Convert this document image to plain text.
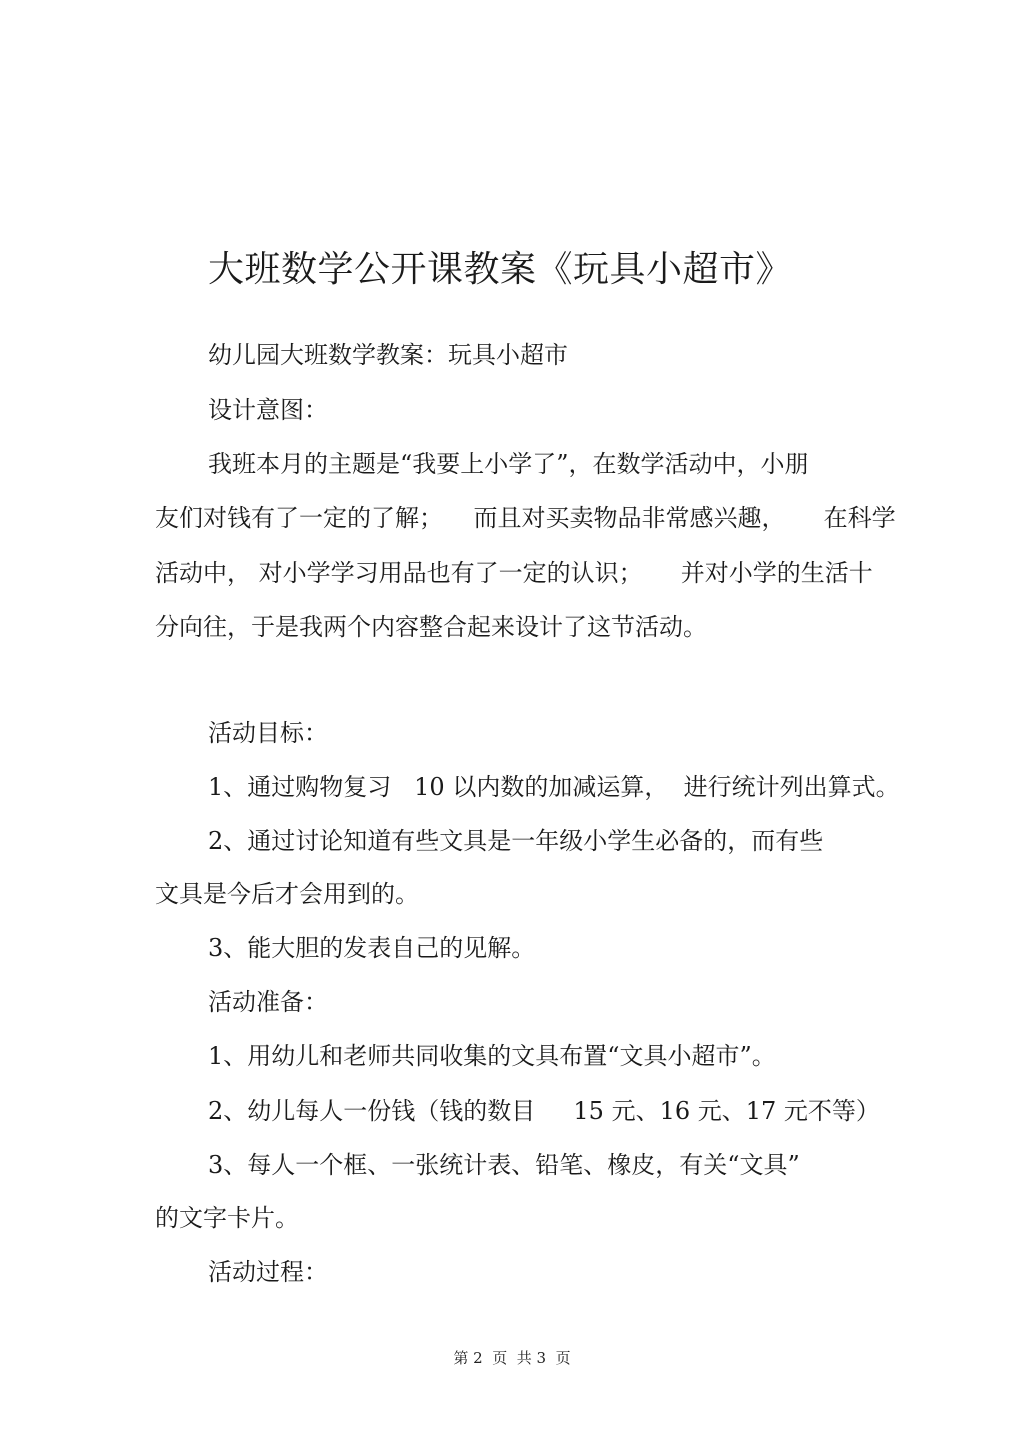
大班数学公开课教案《玩具小超市》
幼儿园大班数学教案：玩具小超市
设计意图：
我班本月的主题是“我要上小学了”，在数学活动中，小朋
友们对钱有了一定的了解；    而且对买卖物品非常感兴趣，     在科学
活动中， 对小学学习用品也有了一定的认识；     并对小学的生活十
分向往，于是我两个内容整合起来设计了这节活动。
活动目标：
1、通过购物复习   10 以内数的加减运算，  进行统计列出算式。
2、通过讨论知道有些文具是一年级小学生必备的，而有些
文具是今后才会用到的。
3、能大胆的发表自己的见解。
活动准备：
1、用幼儿和老师共同收集的文具布置“文具小超市”。
2、幼儿每人一份钱（钱的数目     15 元、16 元、17 元不等）
3、每人一个框、一张统计表、铅笔、橡皮，有关“文具”
的文字卡片。
活动过程：
第 2  页  共 3  页
